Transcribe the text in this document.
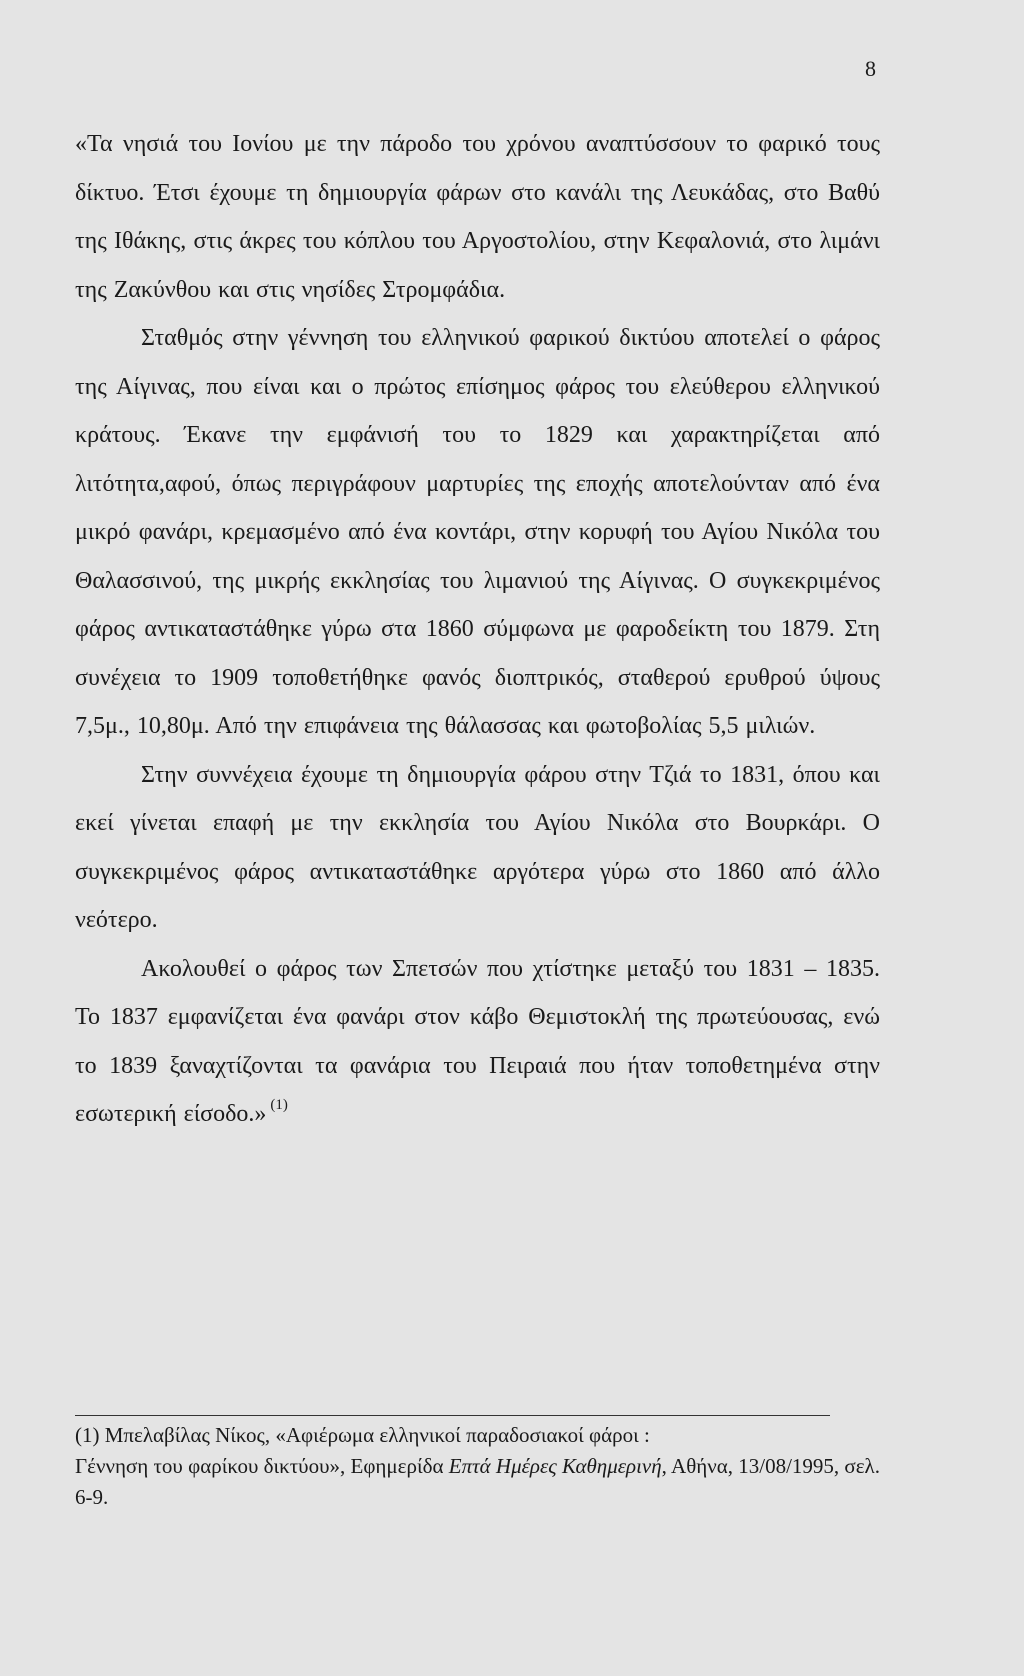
8

«Τα νησιά του Ιονίου με την πάροδο του χρόνου αναπτύσσουν το φαρικό τους δίκτυο. Έτσι έχουμε τη δημιουργία φάρων στο κανάλι της Λευκάδας, στο Βαθύ της Ιθάκης, στις άκρες του κόπλου του Αργοστολίου, στην Κεφαλονιά, στο λιμάνι της Ζακύνθου και στις νησίδες Στρομφάδια.

Σταθμός στην γέννηση του ελληνικού φαρικού δικτύου αποτελεί ο φάρος της Αίγινας, που είναι και ο πρώτος επίσημος φάρος του ελεύθερου ελληνικού κράτους. Έκανε την εμφάνισή του το 1829 και χαρακτηρίζεται από λιτότητα,αφού, όπως περιγράφουν μαρτυρίες της εποχής αποτελούνταν από ένα μικρό φανάρι, κρεμασμένο από ένα κοντάρι, στην κορυφή του Αγίου Νικόλα του Θαλασσινού, της μικρής εκκλησίας του λιμανιού της Αίγινας. Ο συγκεκριμένος φάρος αντικαταστάθηκε γύρω στα 1860 σύμφωνα με φαροδείκτη του 1879. Στη συνέχεια το 1909 τοποθετήθηκε φανός διοπτρικός, σταθερού ερυθρού ύψους 7,5μ., 10,80μ. Από την επιφάνεια της θάλασσας και φωτοβολίας 5,5 μιλιών.

Στην συννέχεια έχουμε τη δημιουργία φάρου στην Τζιά το 1831, όπου και εκεί γίνεται επαφή με την εκκλησία του Αγίου Νικόλα στο Βουρκάρι. Ο συγκεκριμένος φάρος αντικαταστάθηκε αργότερα γύρω στο 1860 από άλλο νεότερο.

Ακολουθεί ο φάρος των Σπετσών που χτίστηκε μεταξύ του 1831 – 1835. Το 1837 εμφανίζεται ένα φανάρι στον κάβο Θεμιστοκλή της πρωτεύουσας, ενώ το 1839 ξαναχτίζονται τα φανάρια του Πειραιά που ήταν τοποθετημένα στην εσωτερική είσοδο.» $^{(1)}$

(1) Μπελαβίλας Νίκος, «Αφιέρωμα ελληνικοί παραδοσιακοί φάροι :

Γέννηση του φαρίκου δικτύου», Εφημερίδα Επτά Ημέρες Καθημερινή, Αθήνα, 13/08/1995, σελ. 6-9.
